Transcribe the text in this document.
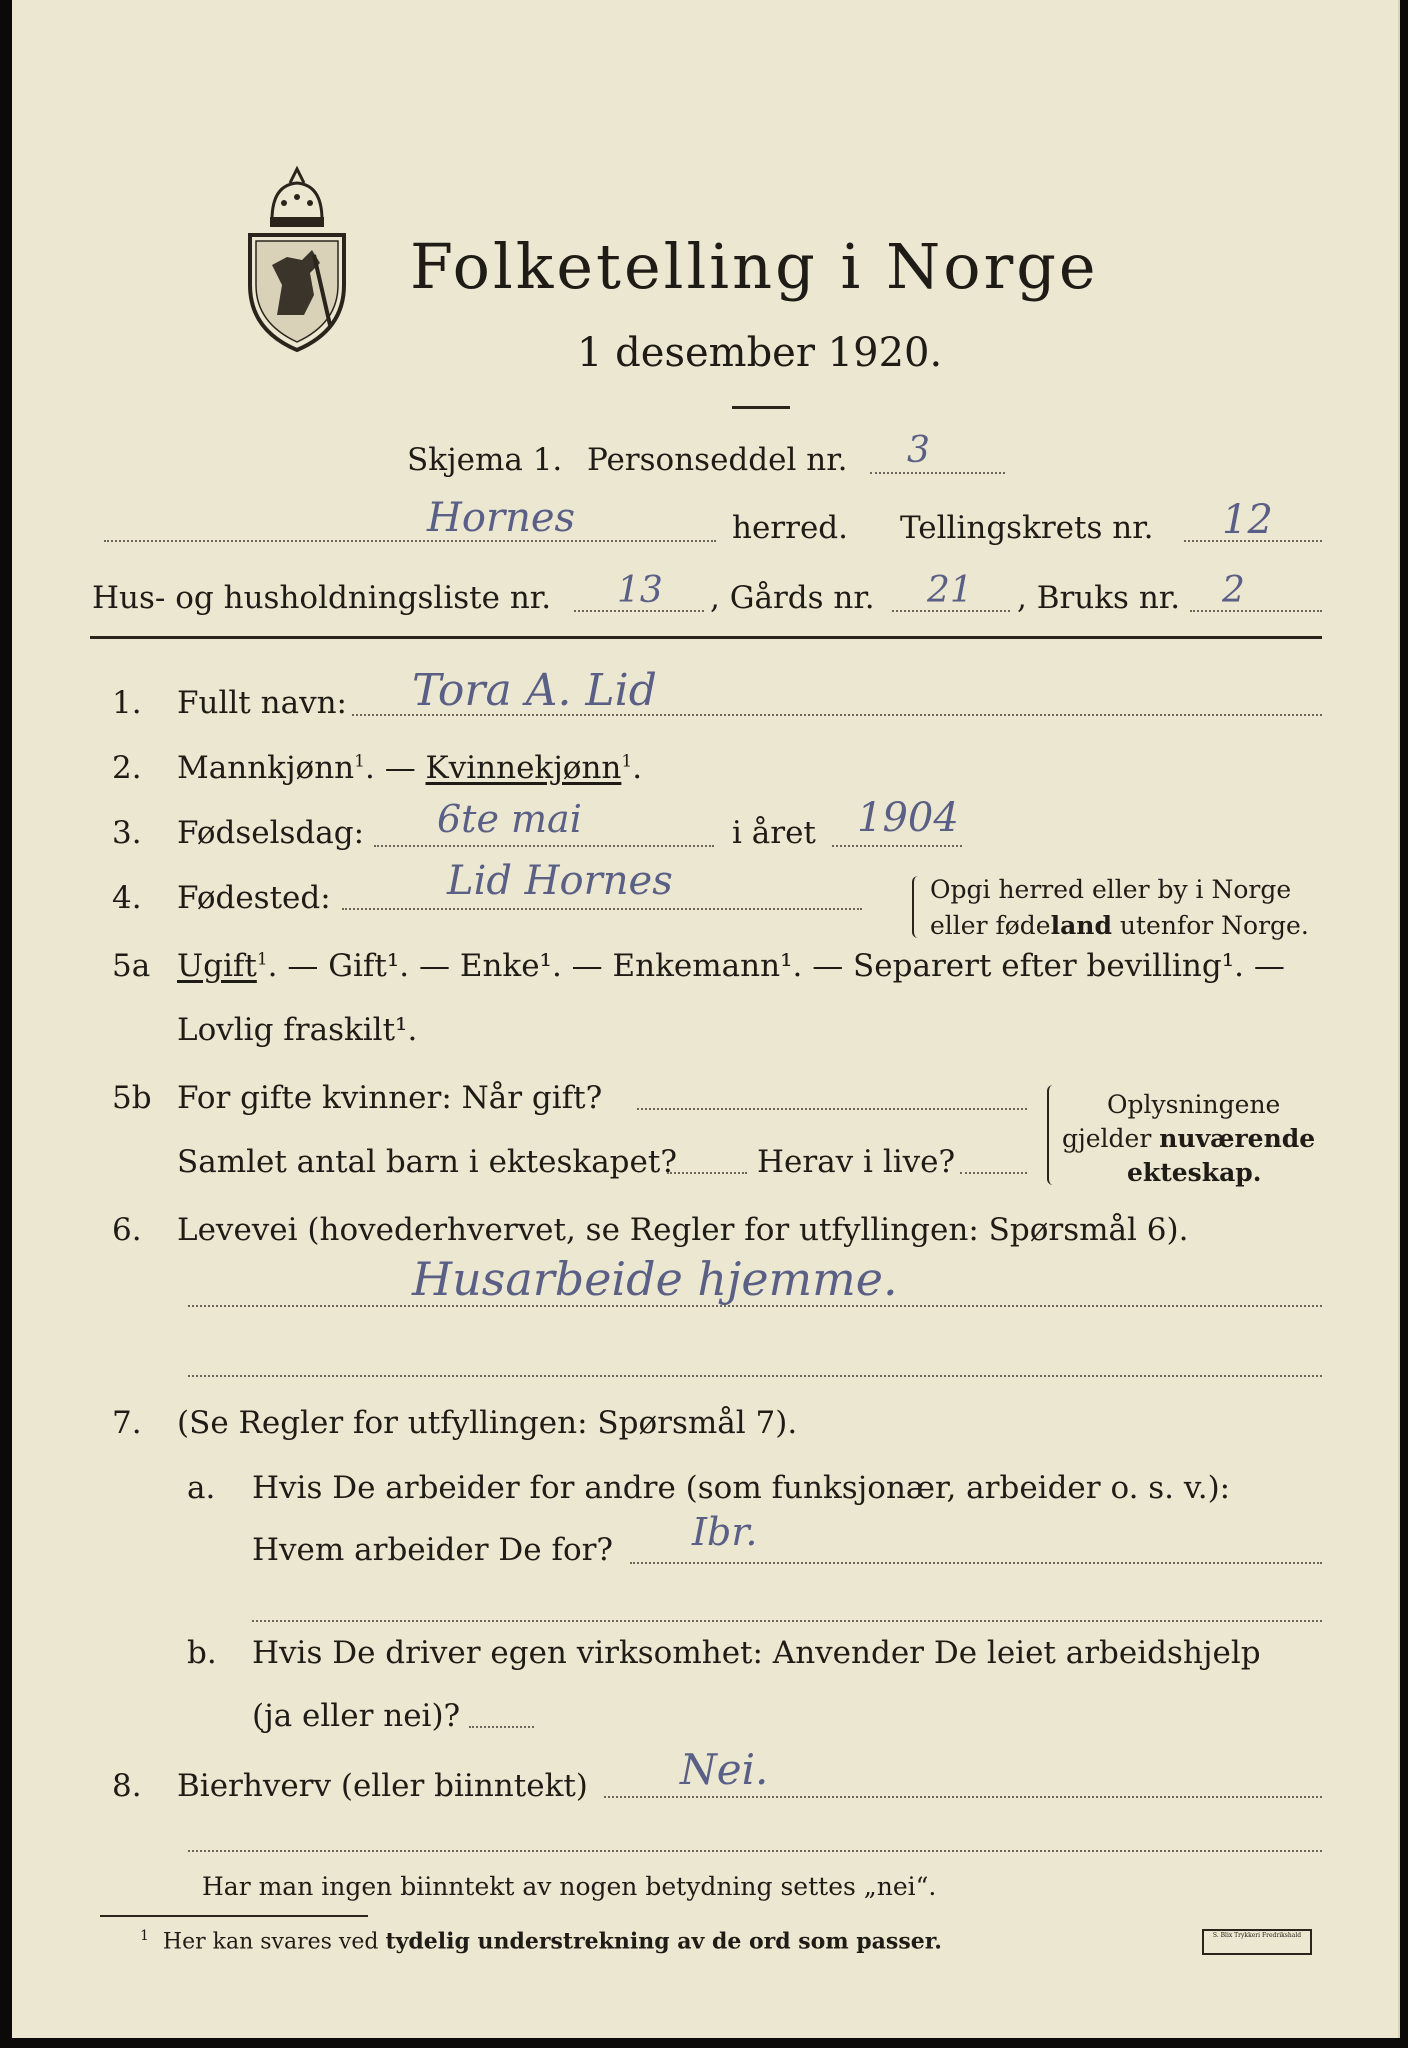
Folketelling i Norge
1 desember 1920.
Skjema 1. Personseddel nr. 3
Hornes	herred. Tellingskrets nr. 12
Hus- og husholdningsliste nr. 13 , Gårds nr. 21 , Bruks nr. 2
1. Fullt navn: Tora A. Lid
2. Mannkjønn$^1$. — Kvinnekjønn$^1$.
3. Fødselsdag: 6te mai	i året 1904
4. Fødested:	Lid Hornes	Opgi herred eller by i Norge
eller fødeland utenfor Norge.
5a Ugift$^1$. — Gift¹. — Enke¹. — Enkemann¹. — Separert efter bevilling¹. —
Lovlig fraskilt¹.
5b For gifte kvinner: Når gift?
Samlet antal barn i ekteskapet?	Herav i live?
Oplysningene
gjelder nuværende
ekteskap.
6. Levevei (hovederhvervet, se Regler for utfyllingen: Spørsmål 6).
Husarbeide hjemme.
7. (Se Regler for utfyllingen: Spørsmål 7).
a. Hvis De arbeider for andre (som funksjonær, arbeider o. s. v.):
Hvem arbeider De for? Ibr.
b. Hvis De driver egen virksomhet: Anvender De leiet arbeidshjelp
(ja eller nei)?
8. Bierhverv (eller biinntekt) Nei.
Har man ingen biinntekt av nogen betydning settes „nei“.
$^1$ Her kan svares ved tydelig understrekning av de ord som passer.	S. Blix Trykkeri Fredrikshald
